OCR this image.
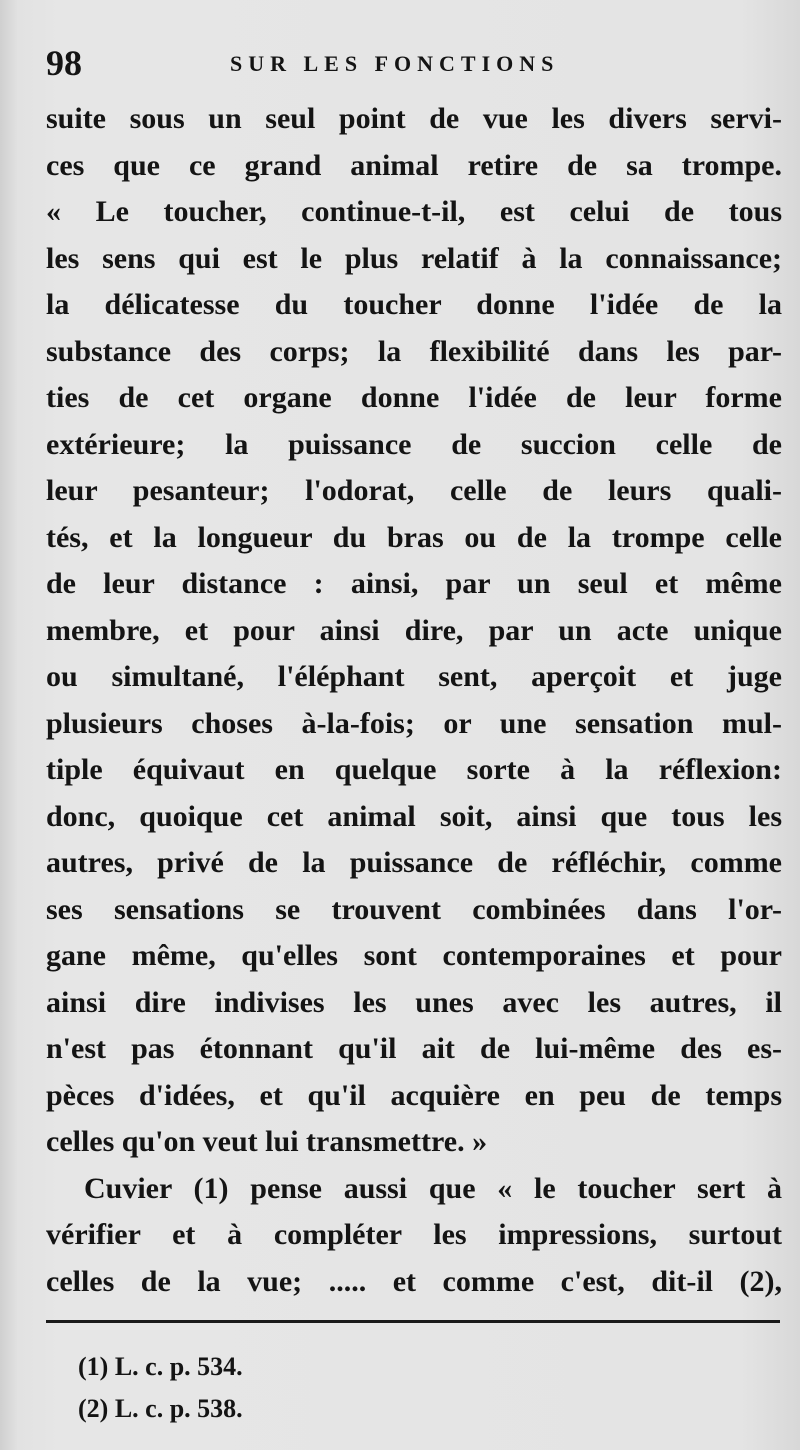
98	SUR LES FONCTIONS
suite sous un seul point de vue les divers servi-
ces que ce grand animal retire de sa trompe.
« Le toucher, continue-t-il, est celui de tous
les sens qui est le plus relatif à la connaissance;
la délicatesse du toucher donne l'idée de la
substance des corps; la flexibilité dans les par-
ties de cet organe donne l'idée de leur forme
extérieure; la puissance de succion celle de
leur pesanteur; l'odorat, celle de leurs quali-
tés, et la longueur du bras ou de la trompe celle
de leur distance : ainsi, par un seul et même
membre, et pour ainsi dire, par un acte unique
ou simultané, l'éléphant sent, aperçoit et juge
plusieurs choses à-la-fois; or une sensation mul-
tiple équivaut en quelque sorte à la réflexion:
donc, quoique cet animal soit, ainsi que tous les
autres, privé de la puissance de réfléchir, comme
ses sensations se trouvent combinées dans l'or-
gane même, qu'elles sont contemporaines et pour
ainsi dire indivises les unes avec les autres, il
n'est pas étonnant qu'il ait de lui-même des es-
pèces d'idées, et qu'il acquière en peu de temps
celles qu'on veut lui transmettre. »
Cuvier (1) pense aussi que « le toucher sert à
vérifier et à compléter les impressions, surtout
celles de la vue; ..... et comme c'est, dit-il (2),
(1) L. c. p. 534.
(2) L. c. p. 538.
